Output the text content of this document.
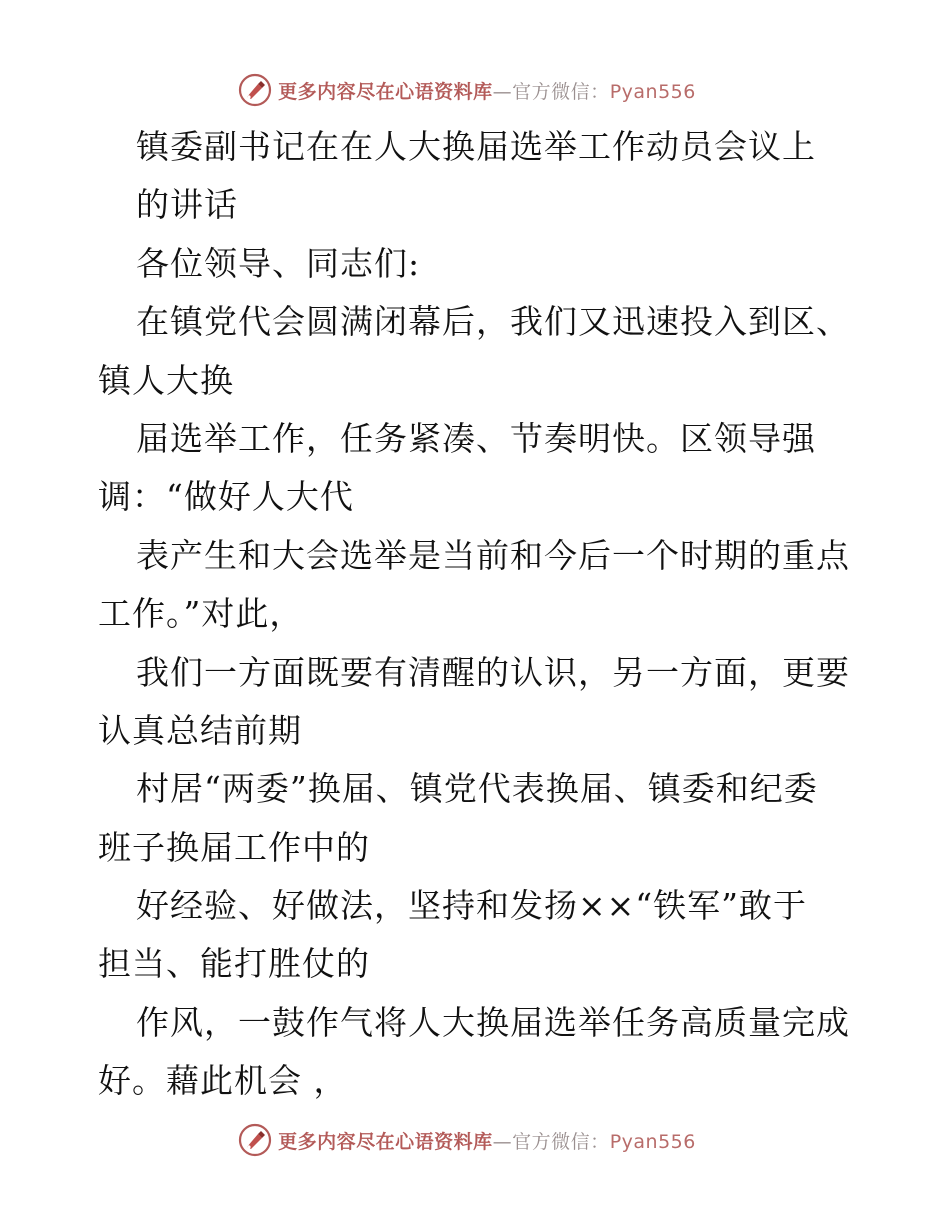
更多内容尽在心语资料库—官方微信：Pyan556
镇委副书记在在人大换届选举工作动员会议上
的讲话
各位领导、同志们:
在镇党代会圆满闭幕后，我们又迅速投入到区、
镇人大换
届选举工作，任务紧凑、节奏明快。区领导强
调：“做好人大代
表产生和大会选举是当前和今后一个时期的重点
工作。”对此，
我们一方面既要有清醒的认识，另一方面，更要
认真总结前期
村居“两委”换届、镇党代表换届、镇委和纪委
班子换届工作中的
好经验、好做法，坚持和发扬××“铁军”敢于
担当、能打胜仗的
作风，一鼓作气将人大换届选举任务高质量完成
好。藉此机会 ，
更多内容尽在心语资料库—官方微信：Pyan556
